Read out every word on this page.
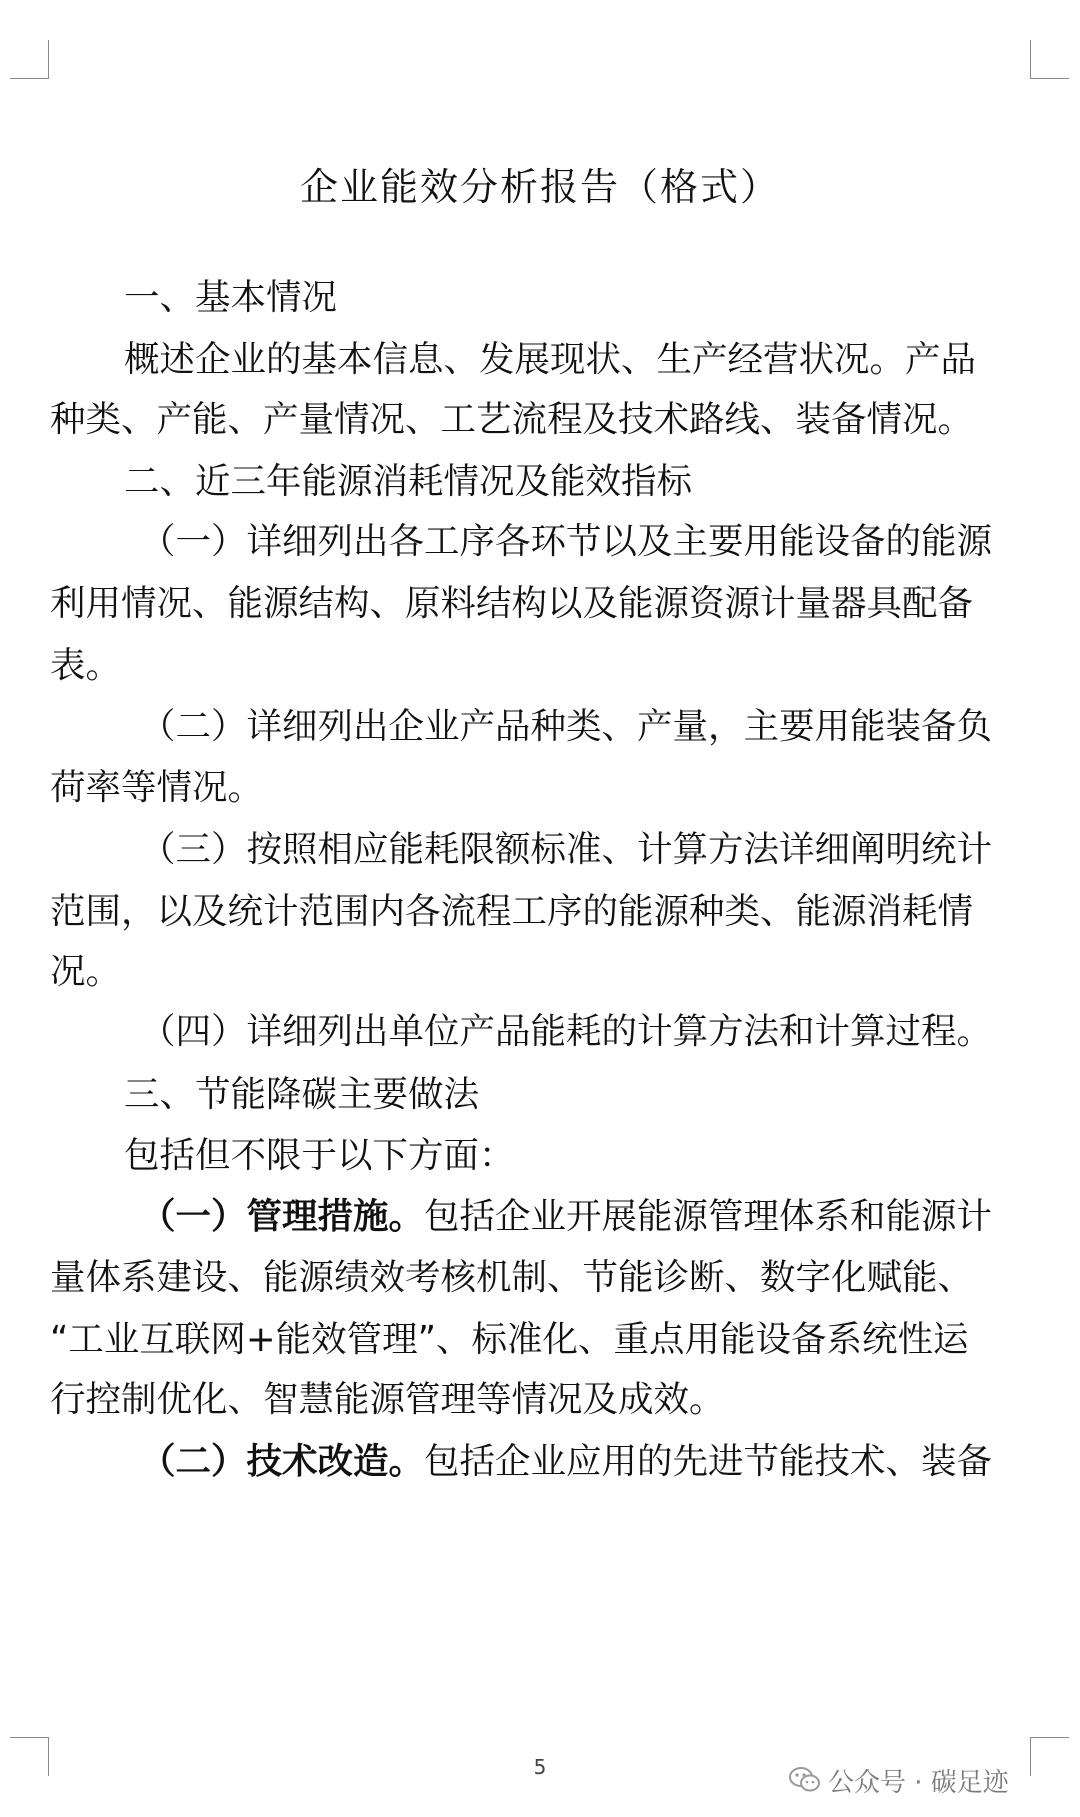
企业能效分析报告（格式）
一、基本情况
概述企业的基本信息、发展现状、生产经营状况。产品
种类、产能、产量情况、工艺流程及技术路线、装备情况。
二、近三年能源消耗情况及能效指标
（一）详细列出各工序各环节以及主要用能设备的能源
利用情况、能源结构、原料结构以及能源资源计量器具配备
表。
（二）详细列出企业产品种类、产量，主要用能装备负
荷率等情况。
（三）按照相应能耗限额标准、计算方法详细阐明统计
范围，以及统计范围内各流程工序的能源种类、能源消耗情
况。
（四）详细列出单位产品能耗的计算方法和计算过程。
三、节能降碳主要做法
包括但不限于以下方面：
（一）管理措施。包括企业开展能源管理体系和能源计
量体系建设、能源绩效考核机制、节能诊断、数字化赋能、
“工业互联网+能效管理”、标准化、重点用能设备系统性运
行控制优化、智慧能源管理等情况及成效。
（二）技术改造。包括企业应用的先进节能技术、装备
5
公众号 · 碳足迹
